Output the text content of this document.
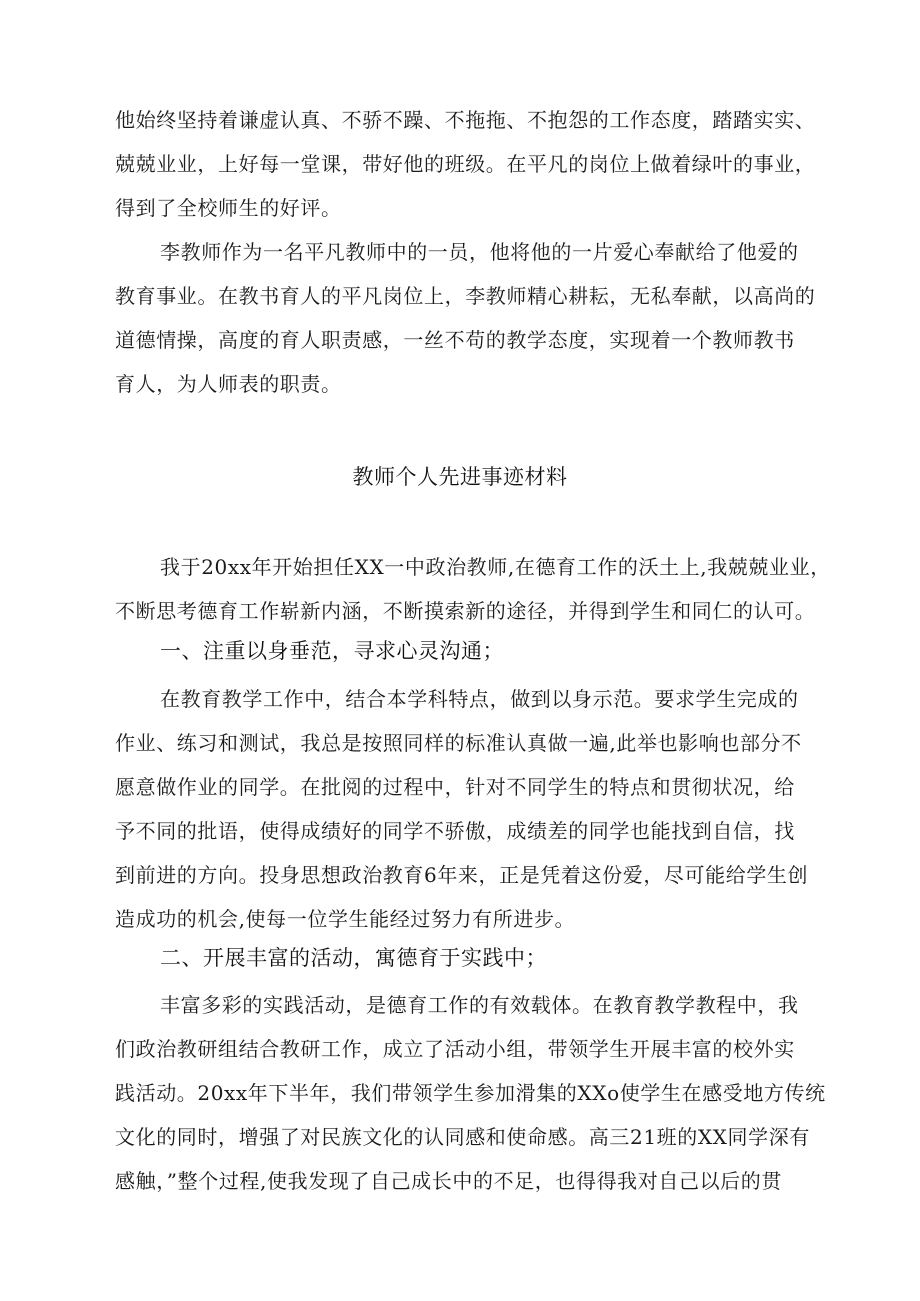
他始终坚持着谦虚认真、不骄不躁、不拖拖、不抱怨的工作态度，踏踏实实、
兢兢业业，上好每一堂课，带好他的班级。在平凡的岗位上做着绿叶的事业，
得到了全校师生的好评。
李教师作为一名平凡教师中的一员，他将他的一片爱心奉献给了他爱的
教育事业。在教书育人的平凡岗位上，李教师精心耕耘，无私奉献，以高尚的
道德情操，高度的育人职责感，一丝不苟的教学态度，实现着一个教师教书
育人，为人师表的职责。
教师个人先进事迹材料
我于20xx年开始担任XX一中政治教师,在德育工作的沃土上,我兢兢业业，
不断思考德育工作崭新内涵，不断摸索新的途径，并得到学生和同仁的认可。
一、注重以身垂范，寻求心灵沟通；
在教育教学工作中，结合本学科特点，做到以身示范。要求学生完成的
作业、练习和测试，我总是按照同样的标准认真做一遍,此举也影响也部分不
愿意做作业的同学。在批阅的过程中，针对不同学生的特点和贯彻状况，给
予不同的批语，使得成绩好的同学不骄傲，成绩差的同学也能找到自信，找
到前进的方向。投身思想政治教育6年来，正是凭着这份爱，尽可能给学生创
造成功的机会,使每一位学生能经过努力有所进步。
二、开展丰富的活动，寓德育于实践中；
丰富多彩的实践活动，是德育工作的有效载体。在教育教学教程中，我
们政治教研组结合教研工作，成立了活动小组，带领学生开展丰富的校外实
践活动。20xx年下半年，我们带领学生参加滑集的XXo使学生在感受地方传统
文化的同时，增强了对民族文化的认同感和使命感。高三21班的XX同学深有
感触，”整个过程,使我发现了自己成长中的不足，也得得我对自己以后的贯
